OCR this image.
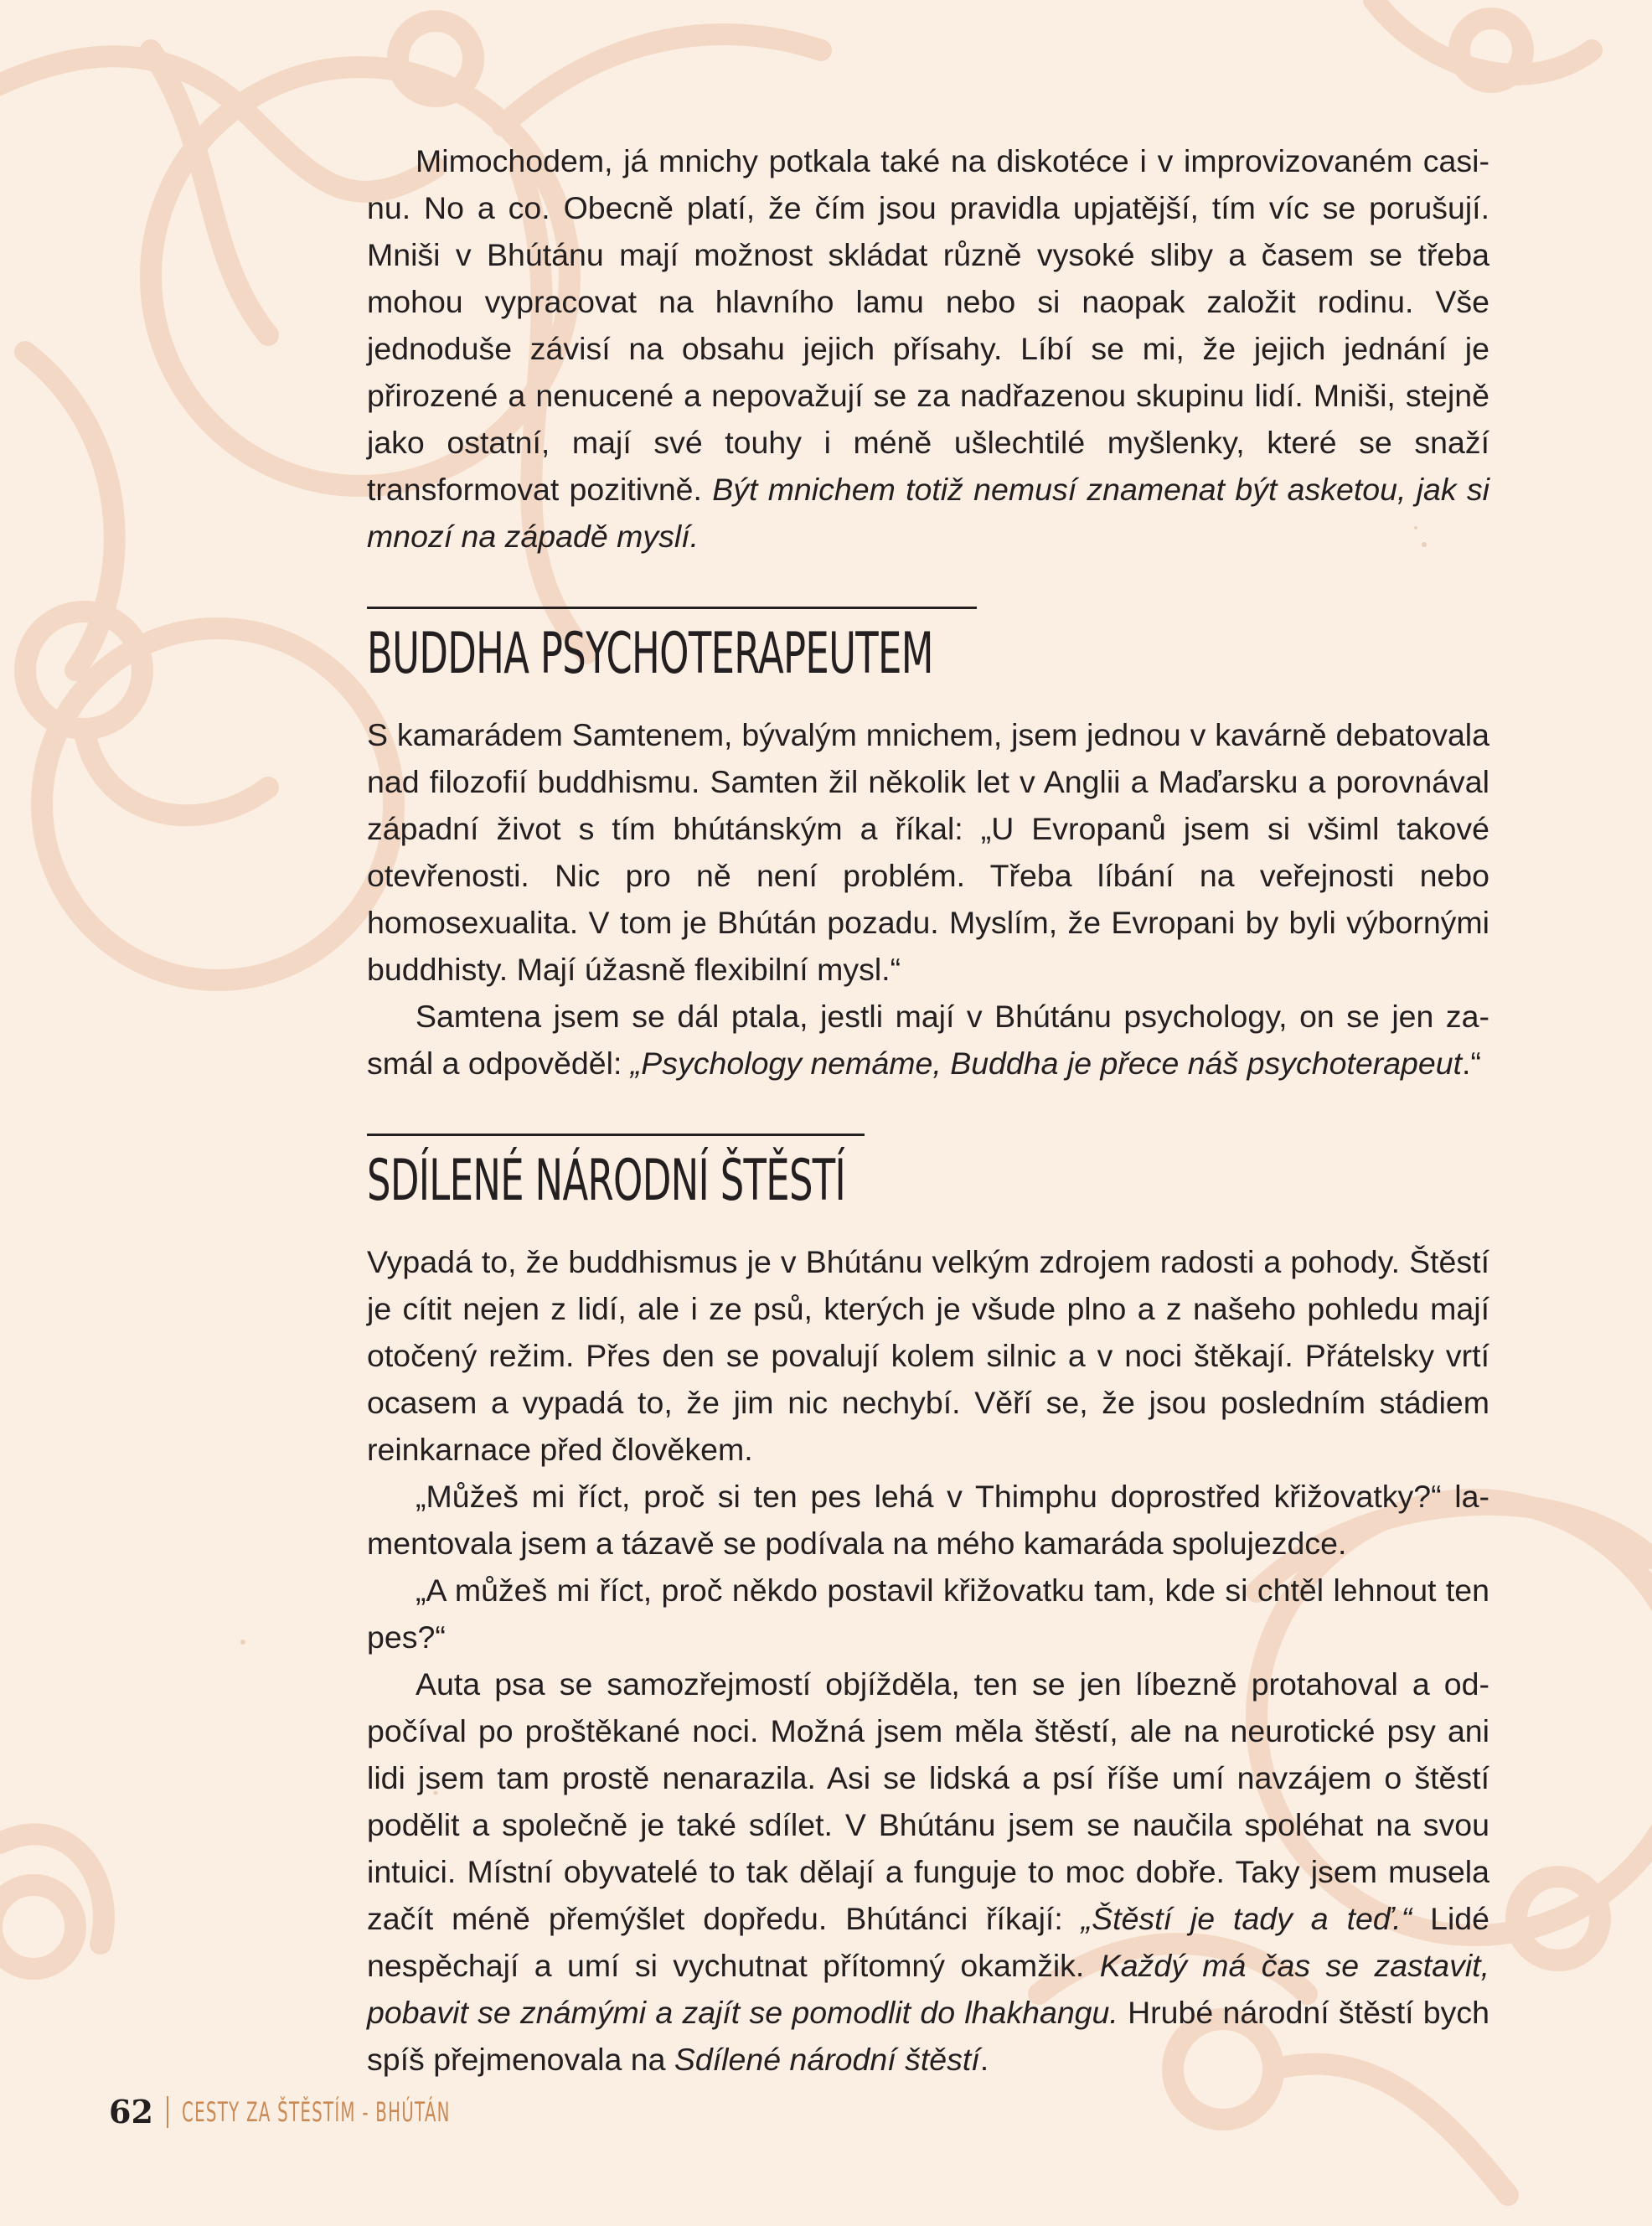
Mimochodem, já mnichy potkala také na diskotéce i v improvizovaném casinu. No a co. Obecně platí, že čím jsou pravidla upjatější, tím víc se porušují. Mniši v Bhútánu mají možnost skládat různě vysoké sliby a časem se třeba mohou vypracovat na hlavního lamu nebo si naopak založit rodinu. Vše jednoduše závisí na obsahu jejich přísahy. Líbí se mi, že jejich jednání je přirozené a nenucené a nepovažují se za nadřazenou skupinu lidí. Mniši, stejně jako ostatní, mají své touhy i méně ušlechtilé myšlenky, které se snaží transformovat pozitivně. Být mnichem totiž nemusí znamenat být asketou, jak si mnozí na západě myslí.

BUDDHA PSYCHOTERAPEUTEM

S kamarádem Samtenem, bývalým mnichem, jsem jednou v kavárně debatovala nad filozofií buddhismu. Samten žil několik let v Anglii a Maďarsku a porovnával západní život s tím bhútánským a říkal: „U Evropanů jsem si všiml takové otevřenosti. Nic pro ně není problém. Třeba líbání na veřejnosti nebo homosexualita. V tom je Bhútán pozadu. Myslím, že Evropani by byli výbornými buddhisty. Mají úžasně flexibilní mysl.“

Samtena jsem se dál ptala, jestli mají v Bhútánu psychology, on se jen zasmál a odpověděl: „Psychology nemáme, Buddha je přece náš psychoterapeut.“

SDÍLENÉ NÁRODNÍ ŠTĚSTÍ

Vypadá to, že buddhismus je v Bhútánu velkým zdrojem radosti a pohody. Štěstí je cítit nejen z lidí, ale i ze psů, kterých je všude plno a z našeho pohledu mají otočený režim. Přes den se povalují kolem silnic a v noci štěkají. Přátelsky vrtí ocasem a vypadá to, že jim nic nechybí. Věří se, že jsou posledním stádiem reinkarnace před člověkem.

„Můžeš mi říct, proč si ten pes lehá v Thimphu doprostřed křižovatky?“ lamentovala jsem a tázavě se podívala na mého kamaráda spolujezdce.

„A můžeš mi říct, proč někdo postavil křižovatku tam, kde si chtěl lehnout ten pes?“

Auta psa se samozřejmostí objížděla, ten se jen líbezně protahoval a odpočíval po proštěkané noci. Možná jsem měla štěstí, ale na neurotické psy ani lidi jsem tam prostě nenarazila. Asi se lidská a psí říše umí navzájem o štěstí podělit a společně je také sdílet. V Bhútánu jsem se naučila spoléhat na svou intuici. Místní obyvatelé to tak dělají a funguje to moc dobře. Taky jsem musela začít méně přemýšlet dopředu. Bhútánci říkají: „Štěstí je tady a teď.“ Lidé nespěchají a umí si vychutnat přítomný okamžik. Každý má čas se zastavit, pobavit se známými a zajít se pomodlit do lhakhangu. Hrubé národní štěstí bych spíš přejmenovala na Sdílené národní štěstí.

62 CESTY ZA ŠTĚSTÍM - BHÚTÁN
